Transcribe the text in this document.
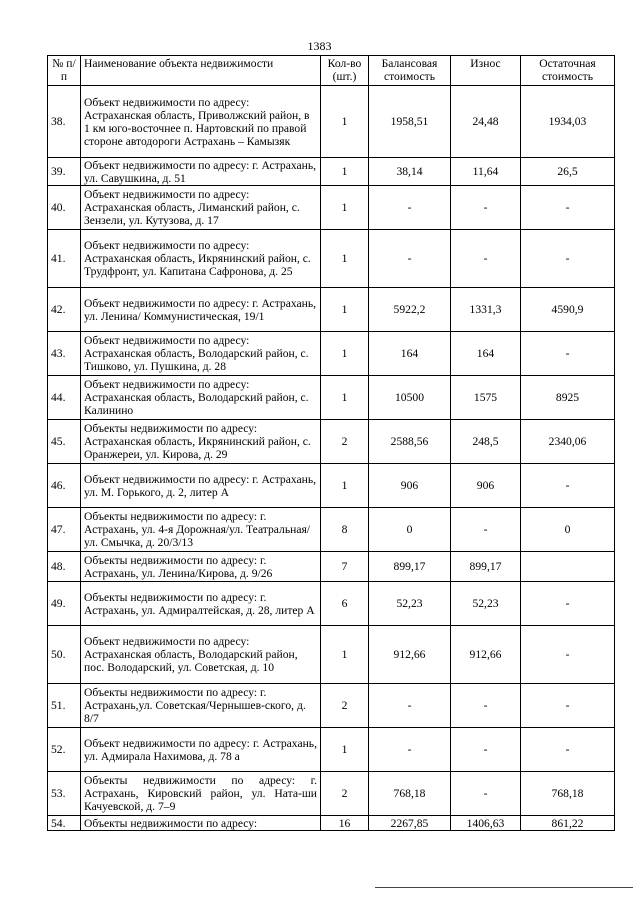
1383
№ п/п	Наименование объекта недвижимости	Кол-во (шт.)	Балансовая стоимость	Износ	Остаточная стоимость
38.	Объект недвижимости по адресу: Астраханская область, Приволжский район, в 1 км юго-восточнее п. Нартовский по правой стороне автодороги Астрахань – Камызяк	1	1958,51	24,48	1934,03
39.	Объект недвижимости по адресу: г. Астрахань, ул. Савушкина, д. 51	1	38,14	11,64	26,5
40.	Объект недвижимости по адресу: Астраханская область, Лиманский район, с. Зензели, ул. Кутузова, д. 17	1	-	-	-
41.	Объект недвижимости по адресу: Астраханская область, Икрянинский район, с. Трудфронт, ул. Капитана Сафронова, д. 25	1	-	-	-
42.	Объект недвижимости по адресу: г. Астрахань, ул. Ленина/ Коммунистическая, 19/1	1	5922,2	1331,3	4590,9
43.	Объект недвижимости по адресу: Астраханская область, Володарский район, с. Тишково, ул. Пушкина, д. 28	1	164	164	-
44.	Объект недвижимости по адресу: Астраханская область, Володарский район, с. Калинино	1	10500	1575	8925
45.	Объекты недвижимости по адресу: Астраханская область, Икрянинский район, с. Оранжереи, ул. Кирова, д. 29	2	2588,56	248,5	2340,06
46.	Объект недвижимости по адресу: г. Астрахань, ул. М. Горького, д. 2, литер А	1	906	906	-
47.	Объекты недвижимости по адресу: г. Астрахань, ул. 4-я Дорожная/ул. Театральная/ул. Смычка, д. 20/3/13	8	0	-	0
48.	Объекты недвижимости по адресу: г. Астрахань, ул. Ленина/Кирова, д. 9/26	7	899,17	899,17	
49.	Объекты недвижимости по адресу: г. Астрахань, ул. Адмиралтейская, д. 28, литер А	6	52,23	52,23	-
50.	Объект недвижимости по адресу: Астраханская область, Володарский район, пос. Володарский, ул. Советская, д. 10	1	912,66	912,66	-
51.	Объекты недвижимости по адресу: г. Астрахань,ул. Советская/Чернышев-ского, д. 8/7	2	-	-	-
52.	Объект недвижимости по адресу: г. Астрахань, ул. Адмирала Нахимова, д. 78 а	1	-	-	-
53.	Объекты недвижимости по адресу: г. Астрахань, Кировский район, ул. Ната-ши Качуевской, д. 7–9	2	768,18	-	768,18
54.	Объекты недвижимости по адресу:	16	2267,85	1406,63	861,22
